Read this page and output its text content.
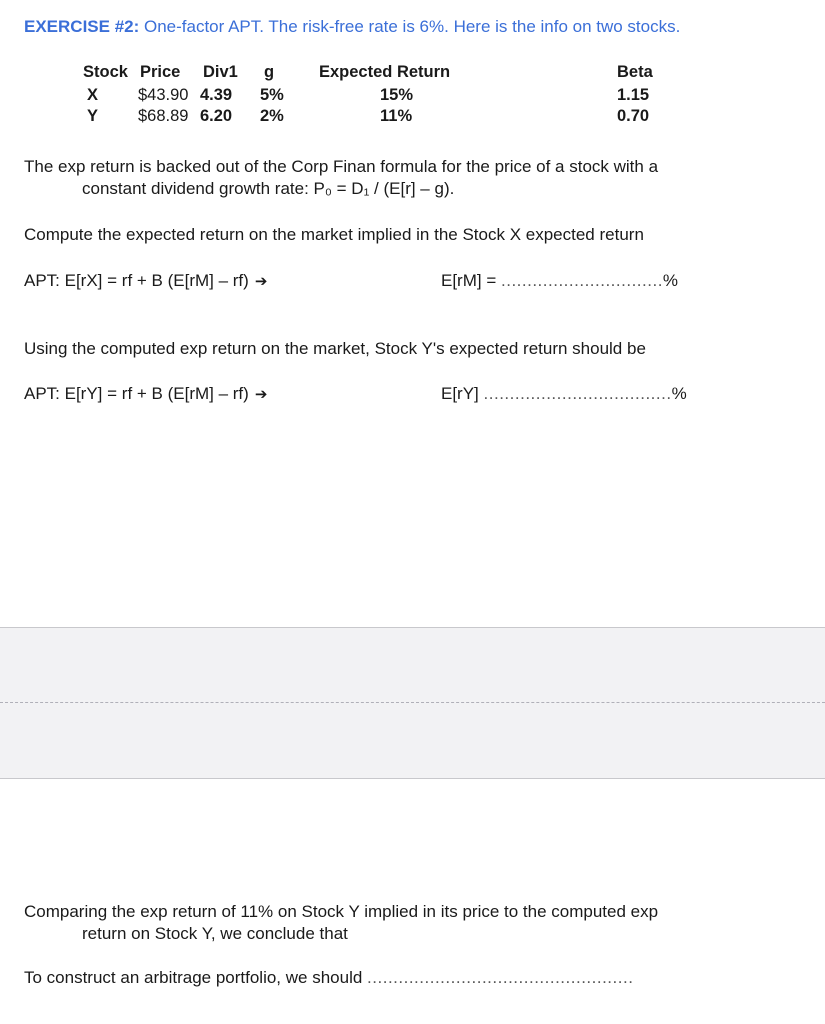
EXERCISE #2: One-factor APT. The risk-free rate is 6%. Here is the info on two stocks.
Stock Price Div1 g	Expected Return	Beta
X $43.90 4.39 5%	15%	1.15
Y $68.89 6.20 2%	11%	0.70
The exp return is backed out of the Corp Finan formula for the price of a stock with a
constant dividend growth rate: P₀ = D₁ / (E[r] – g).
Compute the expected return on the market implied in the Stock X expected return
APT: E[rX] = rf + B (E[rM] – rf) ➔	E[rM] = ...............................%
Using the computed exp return on the market, Stock Y's expected return should be
APT: E[rY] = rf + B (E[rM] – rf) ➔	E[rY] ....................................%
Comparing the exp return of 11% on Stock Y implied in its price to the computed exp
return on Stock Y, we conclude that
To construct an arbitrage portfolio, we should ...................................................
